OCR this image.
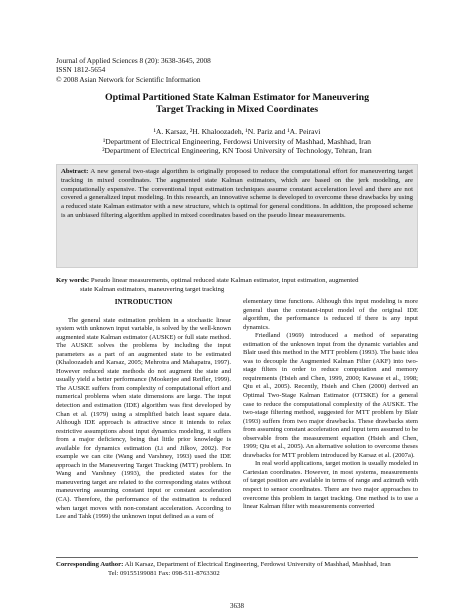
Journal of Applied Sciences 8 (20): 3638-3645, 2008
ISSN 1812-5654
© 2008 Asian Network for Scientific Information
Optimal Partitioned State Kalman Estimator for Maneuvering
Target Tracking in Mixed Coordinates
¹A. Karsaz, ²H. Khaloozadeh, ¹N. Pariz and ¹A. Peiravi
¹Department of Electrical Engineering, Ferdowsi University of Mashhad, Mashhad, Iran
²Department of Electrical Engineering, KN Toosi University of Technology, Tehran, Iran
Abstract: A new general two-stage algorithm is originally proposed to reduce the computational effort for maneuvering target tracking in mixed coordinates. The augmented state Kalman estimators, which are based on the jerk modeling, are computationally expensive. The conventional input estimation techniques assume constant acceleration level and there are not covered a generalized input modeling. In this research, an innovative scheme is developed to overcome these drawbacks by using a reduced state Kalman estimator with a new structure, which is optimal for general conditions. In addition, the proposed scheme is an unbiased filtering algorithm applied in mixed coordinates based on the pseudo linear measurements.
Key words: Pseudo linear measurements, optimal reduced state Kalman estimator, input estimation, augmented
state Kalman estimators, maneuvering target tracking
INTRODUCTION

The general state estimation problem in a stochastic linear system with unknown input variable, is solved by the well-known augmented state Kalman estimator (AUSKE) or full state method. The AUSKE solves the problems by including the input parameters as a part of an augmented state to be estimated (Khaloozadeh and Karsaz, 2005; Mehrotra and Mahapatra, 1997). However reduced state methods do not augment the state and usually yield a better performance (Mookerjee and Reifler, 1999). The AUSKE suffers from complexity of computational effort and numerical problems when state dimensions are large. The input detection and estimation (IDE) algorithm was first developed by Chan et al. (1979) using a simplified batch least square data. Although IDE approach is attractive since it intends to relax restrictive assumptions about input dynamics modeling, it suffers from a major deficiency, being that little prior knowledge is available for dynamics estimation (Li and Jilkov, 2002). For example we can cite (Wang and Varshney, 1993) used the IDE approach in the Maneuvering Target Tracking (MTT) problem. In Wang and Varshney (1993), the predicted states for the maneuvering target are related to the corresponding states without maneuvering assuming constant input or constant acceleration (CA). Therefore, the performance of the estimation is reduced when target moves with non-constant acceleration. According to Lee and Tahk (1999) the unknown input defined as a sum of

elementary time functions. Although this input modeling is more general than the constant-input model of the original IDE algorithm, the performance is reduced if there is any input dynamics.

Friedland (1969) introduced a method of separating estimation of the unknown input from the dynamic variables and Blair used this method in the MTT problem (1993). The basic idea was to decouple the Augmented Kalman Filter (AKF) into two-stage filters in order to reduce computation and memory requirements (Hsieh and Chen, 1999, 2000; Kawase et al., 1998; Qiu et al., 2005). Recently, Hsieh and Chen (2000) derived an Optimal Two-Stage Kalman Estimator (OTSKE) for a general case to reduce the computational complexity of the AUSKE. The two-stage filtering method, suggested for MTT problem by Blair (1993) suffers from two major drawbacks. These drawbacks stem from assuming constant acceleration and input term assumed to be observable from the measurement equation (Hsieh and Chen, 1999; Qiu et al., 2005). An alternative solution to overcome theses drawbacks for MTT problem introduced by Karsaz et al. (2007a).

In real world applications, target motion is usually modeled in Cartesian coordinates. However, in most systems, measurements of target position are available in terms of range and azimuth with respect to sensor coordinates. There are two major approaches to overcome this problem in target tracking. One method is to use a linear Kalman filter with measurements converted

Corresponding Author: Ali Karsaz, Department of Electrical Engineering, Ferdowsi University of Mashhad, Mashhad, Iran
Tel: 09155199081 Fax: 098-511-8763302
3638
